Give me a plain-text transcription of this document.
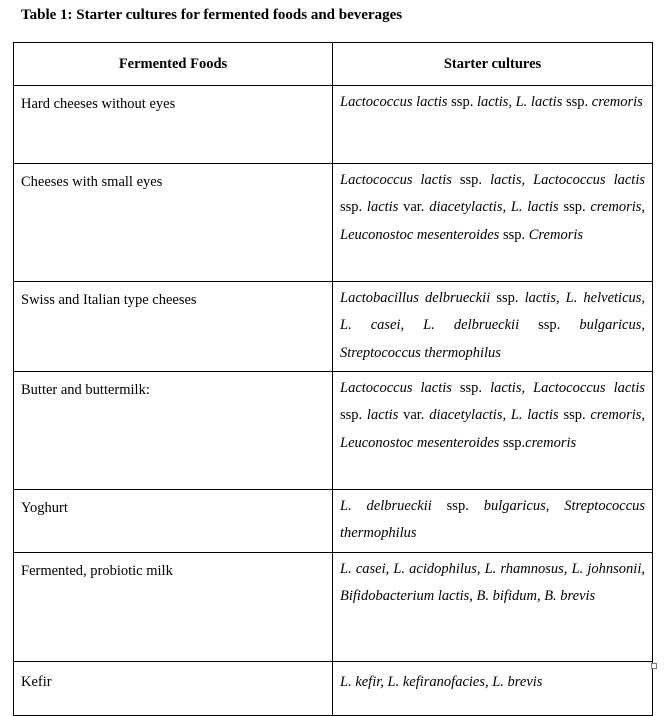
Table 1: Starter cultures for fermented foods and beverages

Fermented Foods	Starter cultures
Hard cheeses without eyes	Lactococcus lactis ssp. lactis, L. lactis ssp. cremoris
Cheeses with small eyes	Lactococcus lactis ssp. lactis, Lactococcus lactis ssp. lactis var. diacetylactis, L. lactis ssp. cremoris, Leuconostoc mesenteroides ssp. Cremoris
Swiss and Italian type cheeses	Lactobacillus delbrueckii ssp. lactis, L. helveticus, L. casei, L. delbrueckii ssp. bulgaricus, Streptococcus thermophilus
Butter and buttermilk:	Lactococcus lactis ssp. lactis, Lactococcus lactis ssp. lactis var. diacetylactis, L. lactis ssp. cremoris, Leuconostoc mesenteroides ssp.cremoris
Yoghurt	L. delbrueckii ssp. bulgaricus, Streptococcus thermophilus
Fermented, probiotic milk	L. casei, L. acidophilus, L. rhamnosus, L. johnsonii, Bifidobacterium lactis, B. bifidum, B. brevis
Kefir	L. kefir, L. kefiranofacies, L. brevis
